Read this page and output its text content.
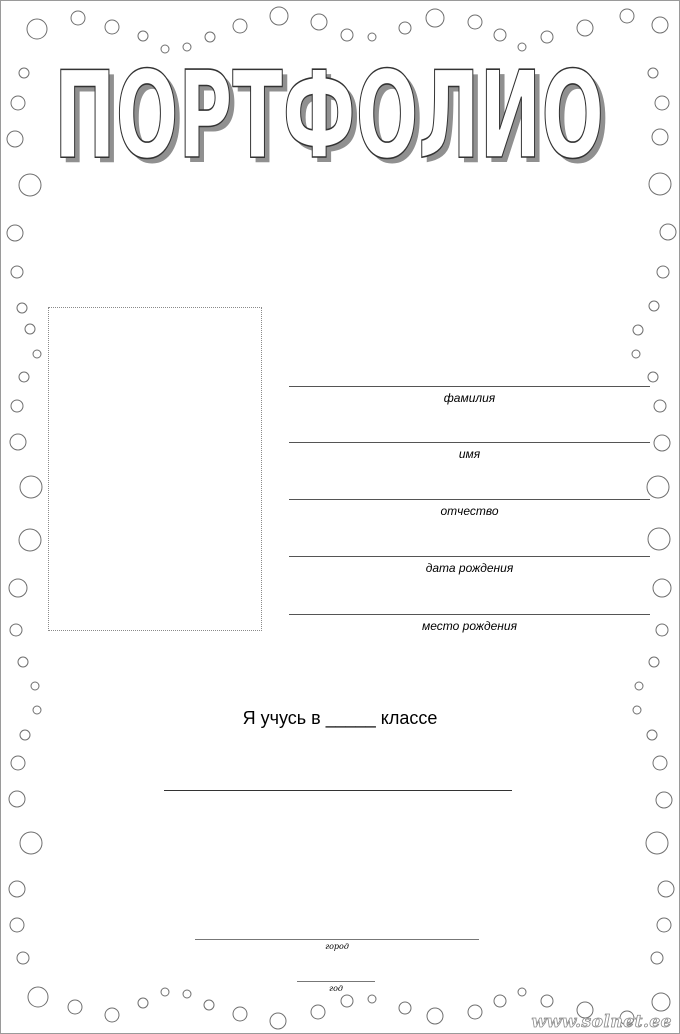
ПОРТФОЛИО
ПОРТФОЛИО
фамилия
имя
отчество
дата рождения
место рождения
Я учусь в _____ классе
город
год
www.solnet.ee
